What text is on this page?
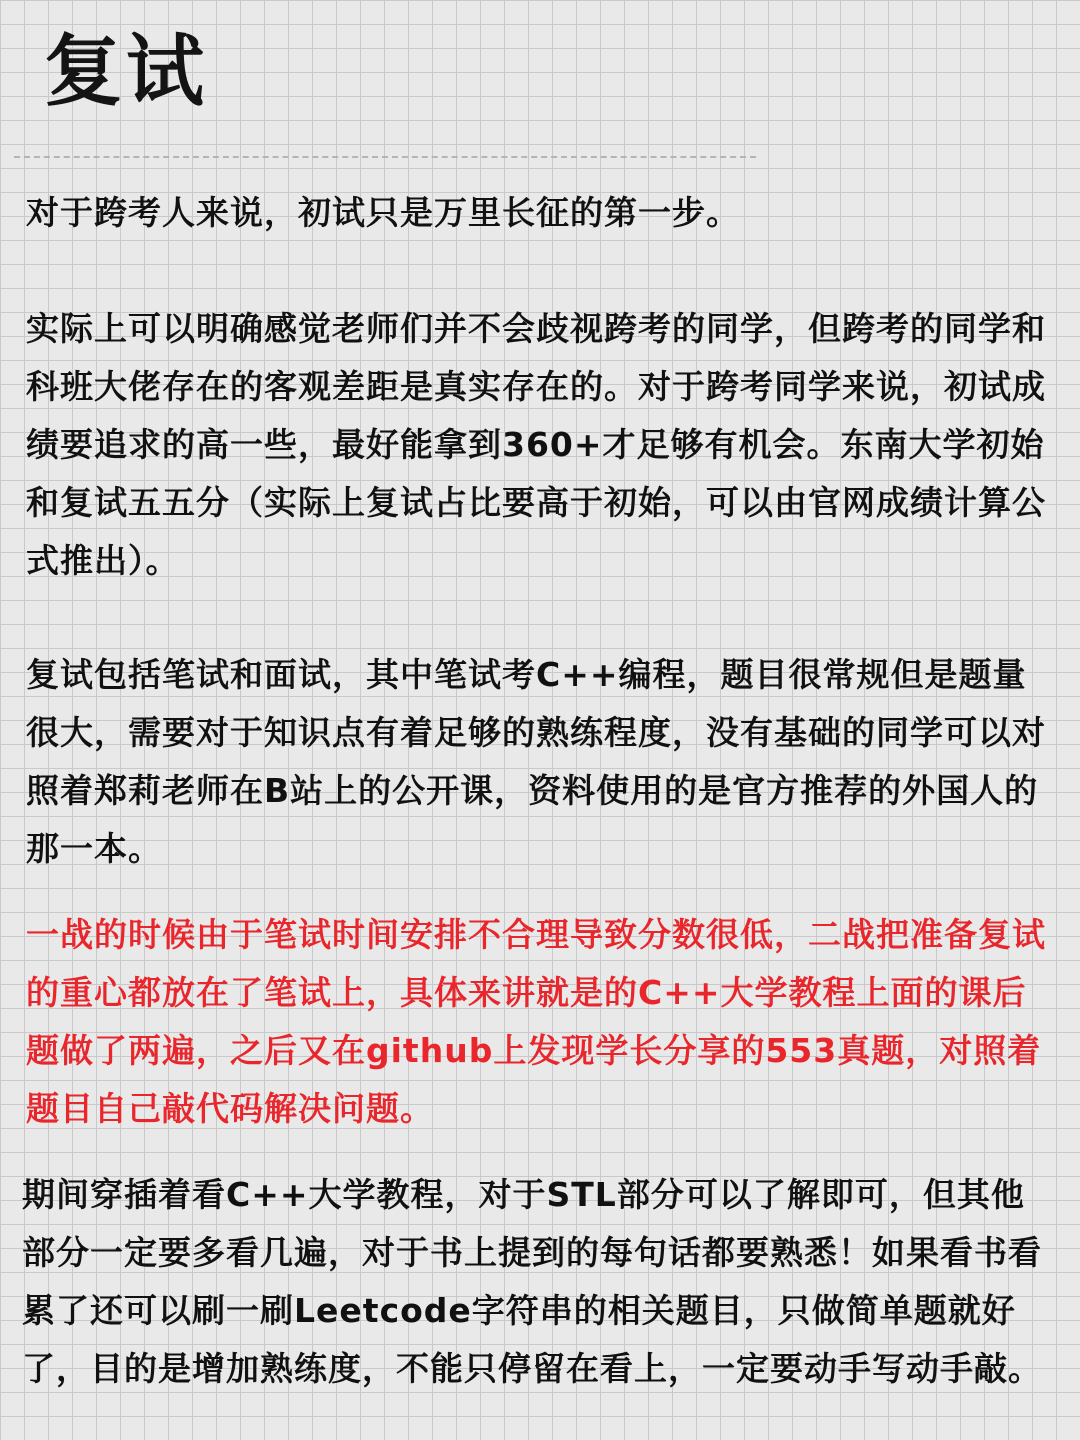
复试

对于跨考人来说，初试只是万里长征的第一步。

实际上可以明确感觉老师们并不会歧视跨考的同学，但跨考的同学和科班大佬存在的客观差距是真实存在的。对于跨考同学来说，初试成绩要追求的高一些，最好能拿到360+才足够有机会。东南大学初始和复试五五分（实际上复试占比要高于初始，可以由官网成绩计算公式推出）。

复试包括笔试和面试，其中笔试考C++编程，题目很常规但是题量很大，需要对于知识点有着足够的熟练程度，没有基础的同学可以对照着郑莉老师在B站上的公开课，资料使用的是官方推荐的外国人的那一本。

一战的时候由于笔试时间安排不合理导致分数很低，二战把准备复试的重心都放在了笔试上，具体来讲就是的C++大学教程上面的课后题做了两遍，之后又在github上发现学长分享的553真题，对照着题目自己敲代码解决问题。

期间穿插着看C++大学教程，对于STL部分可以了解即可，但其他部分一定要多看几遍，对于书上提到的每句话都要熟悉！如果看书看累了还可以刷一刷Leetcode字符串的相关题目，只做简单题就好了，目的是增加熟练度，不能只停留在看上，一定要动手写动手敲。
